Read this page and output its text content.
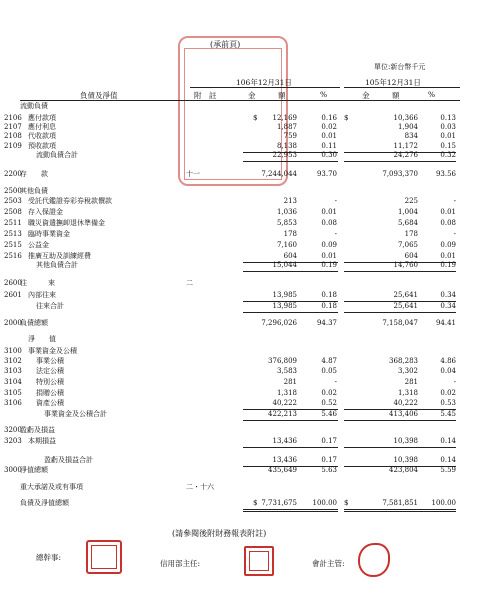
(承前頁)
單位:新台幣千元
106年12月31日	105年12月31日
負債及淨值	附　註	金　　　額	%	金　　　額	%
流動負債
2106 應付款項	$ 12,169	0.16 $	10,366	0.13
2107 應付利息	1,887	0.02	1,904	0.03
2108 代收款項	759	0.01	834	0.01
2109 預收款項	8,138	0.11	11,172	0.15
流動負債合計	22,953	0.30	24,276	0.32
2200
存　　款	十一	7,244,044	93.70	7,093,370	93.56
2500
其他負債
2503 受託代鑑證券彩券稅款價款	213	-	225	-
2508 存入保證金	1,036	0.01	1,004	0.01
2511 職災資遣撫卹退休準備金	5,853	0.08	5,684	0.08
2513 臨時事業資金	178	-	178	-
2515 公益金	7,160	0.09	7,065	0.09
2516 推廣互助及訓練經費	604	0.01	604	0.01
其他負債合計	15,044	0.19	14,760	0.19
2600
往　　　來	二
2601 內部往來	13,985	0.18	25,641	0.34
往來合計	13,985	0.18	25,641	0.34
2000
負債總額	7,296,026	94.37	7,158,047	94.41
淨　　值
3100 事業資金及公積
3102 事業公積	376,809	4.87	368,283	4.86
3103 法定公積	3,583	0.05	3,302	0.04
3104 特別公積	281	-	281	-
3105 捐贈公積	1,318	0.02	1,318	0.02
3106 資產公積	40,222	0.52	40,222	0.53
事業資金及公積合計	422,213	5.46	413,406	5.45
3200
盈虧及損益
3203 本期損益	13,436	0.17	10,398	0.14
盈虧及損益合計	13,436	0.17	10,398	0.14
3000
淨值總額	435,649	5.63	423,804	5.59
重大承諾及或有事項	二・十六
負債及淨值總額	$ 7,731,675 100.00 $	7,581,851 100.00
(請參閱後附財務報表附註)
總幹事:
信用部主任:	會計主管:
